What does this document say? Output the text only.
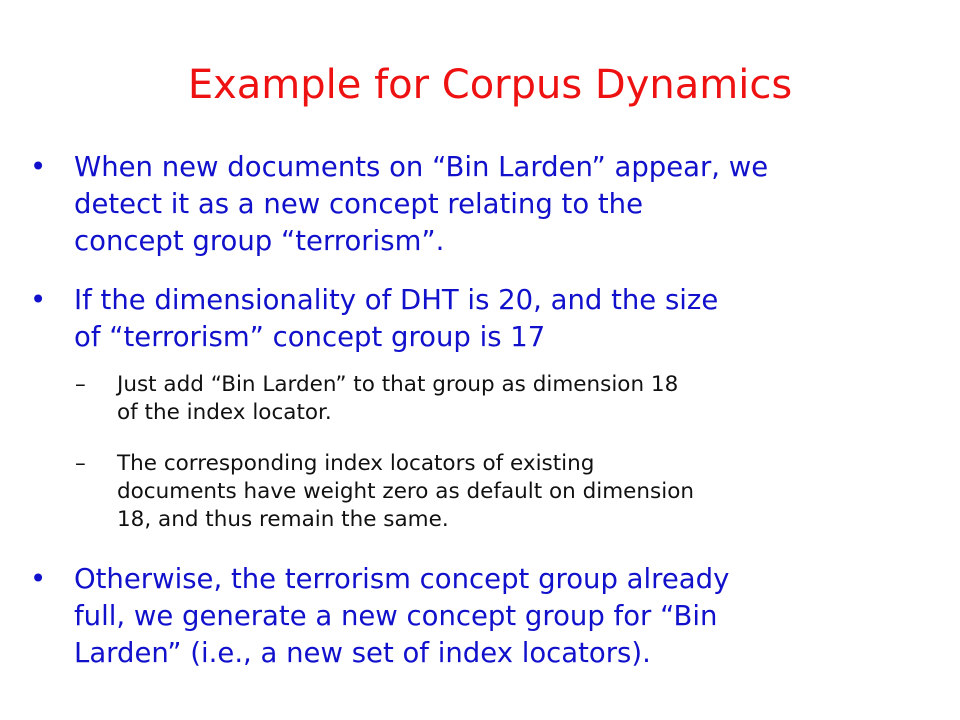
Example for Corpus Dynamics
• When new documents on “Bin Larden” appear, we
detect it as a new concept relating to the
concept group “terrorism”.
• If the dimensionality of DHT is 20, and the size
of “terrorism” concept group is 17
– Just add “Bin Larden” to that group as dimension 18
of the index locator.
– The corresponding index locators of existing
documents have weight zero as default on dimension
18, and thus remain the same.
• Otherwise, the terrorism concept group already
full, we generate a new concept group for “Bin
Larden” (i.e., a new set of index locators).
